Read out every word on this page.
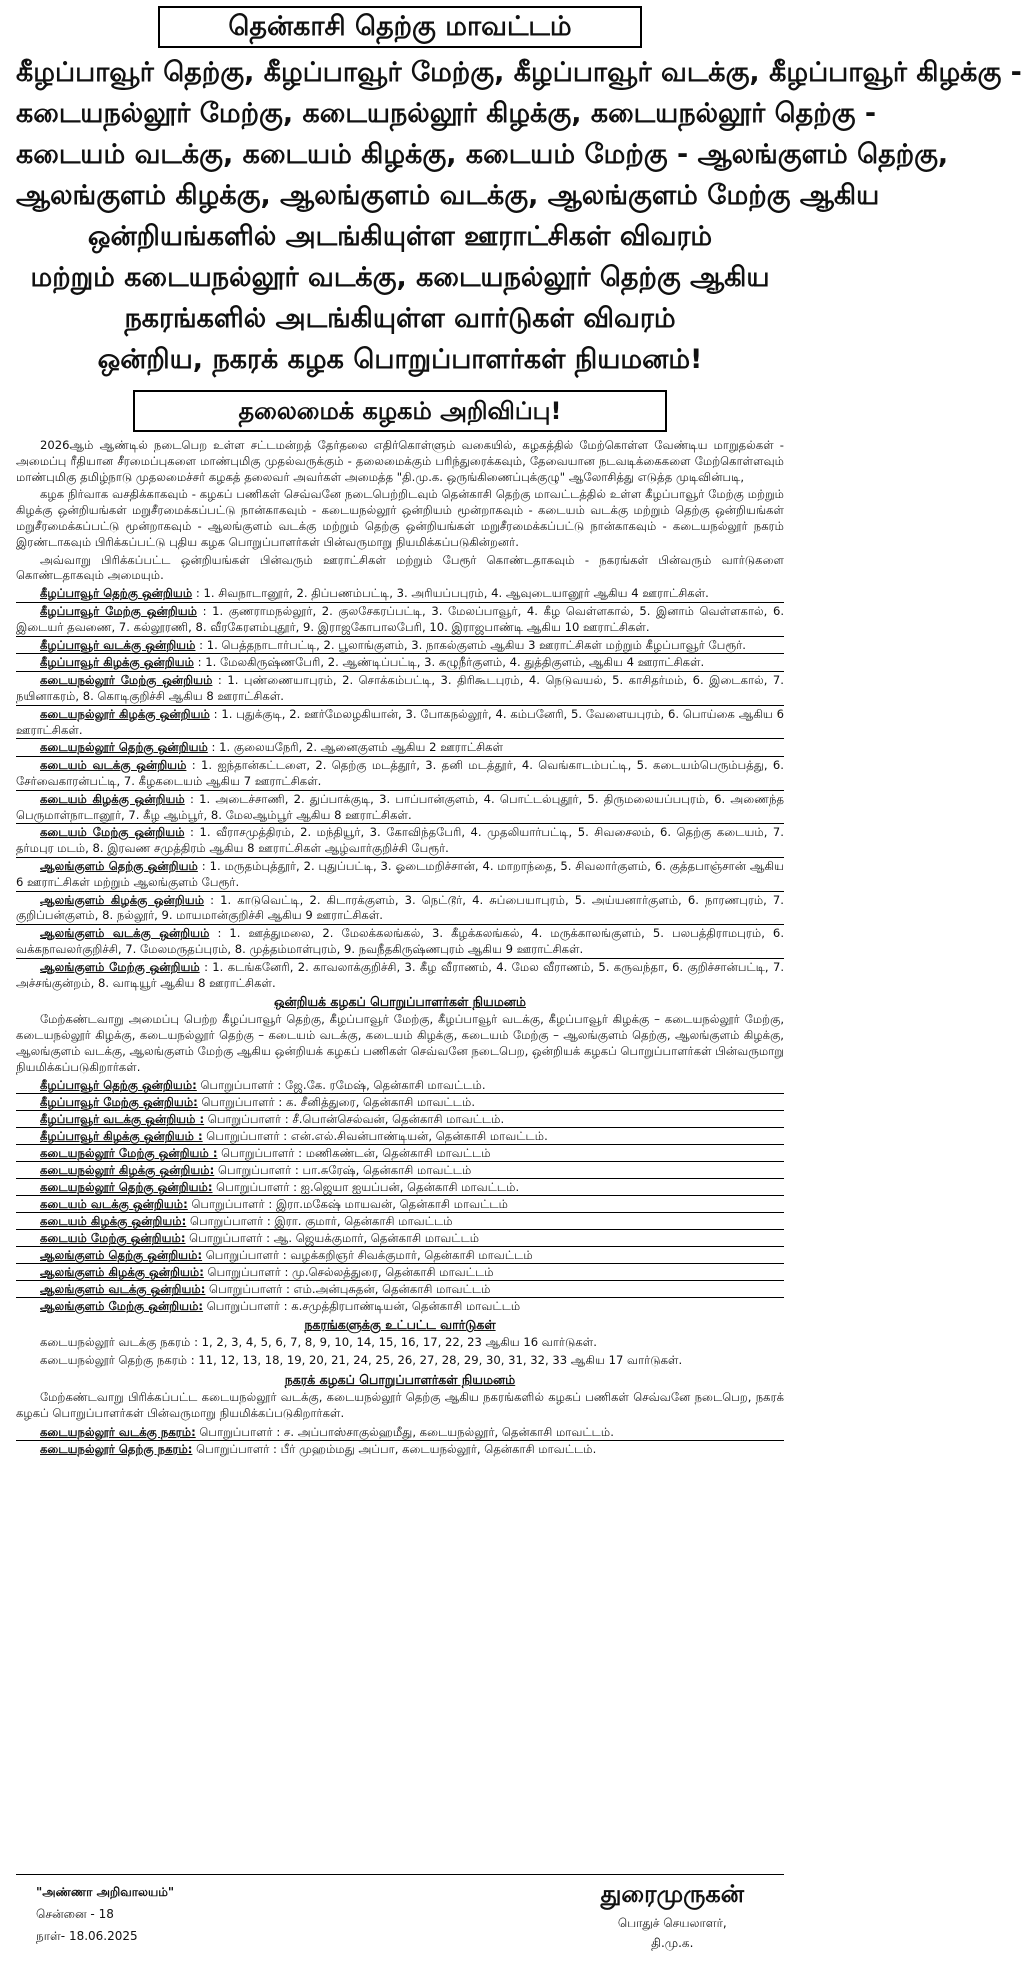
தென்காசி தெற்கு மாவட்டம்
கீழப்பாவூர் தெற்கு, கீழப்பாவூர் மேற்கு, கீழப்பாவூர் வடக்கு, கீழப்பாவூர் கிழக்கு -
கடையநல்லூர் மேற்கு, கடையநல்லூர் கிழக்கு, கடையநல்லூர் தெற்கு -
கடையம் வடக்கு, கடையம் கிழக்கு, கடையம் மேற்கு - ஆலங்குளம் தெற்கு,
ஆலங்குளம் கிழக்கு, ஆலங்குளம் வடக்கு, ஆலங்குளம் மேற்கு ஆகிய
ஒன்றியங்களில் அடங்கியுள்ள ஊராட்சிகள் விவரம்
மற்றும் கடையநல்லூர் வடக்கு, கடையநல்லூர் தெற்கு ஆகிய
நகரங்களில் அடங்கியுள்ள வார்டுகள் விவரம்
ஒன்றிய, நகரக் கழக பொறுப்பாளர்கள் நியமனம்!
தலைமைக் கழகம் அறிவிப்பு!

2026ஆம் ஆண்டில் நடைபெற உள்ள சட்டமன்றத் தேர்தலை எதிர்கொள்ளும் வகையில், கழகத்தில் மேற்கொள்ள வேண்டிய மாறுதல்கள் - அமைப்பு ரீதியான சீரமைப்புகளை மாண்புமிகு முதல்வருக்கும் - தலைமைக்கும் பரிந்துரைக்கவும், தேவையான நடவடிக்கைகளை மேற்கொள்ளவும் மாண்புமிகு தமிழ்நாடு முதலமைச்சர் கழகத் தலைவர் அவர்கள் அமைத்த "தி.மு.க. ஒருங்கிணைப்புக்குழு" ஆலோசித்து எடுத்த முடிவின்படி,

கழக நிர்வாக வசதிக்காகவும் - கழகப் பணிகள் செவ்வனே நடைபெற்றிடவும் தென்காசி தெற்கு மாவட்டத்தில் உள்ள கீழப்பாவூர் மேற்கு மற்றும் கிழக்கு ஒன்றியங்கள் மறுசீரமைக்கப்பட்டு நான்காகவும் - கடையநல்லூர் ஒன்றியம் மூன்றாகவும் - கடையம் வடக்கு மற்றும் தெற்கு ஒன்றியங்கள் மறுசீரமைக்கப்பட்டு மூன்றாகவும் - ஆலங்குளம் வடக்கு மற்றும் தெற்கு ஒன்றியங்கள் மறுசீரமைக்கப்பட்டு நான்காகவும் - கடையநல்லூர் நகரம் இரண்டாகவும் பிரிக்கப்பட்டு புதிய கழக பொறுப்பாளர்கள் பின்வருமாறு நியமிக்கப்படுகின்றனர்.

அவ்வாறு பிரிக்கப்பட்ட ஒன்றியங்கள் பின்வரும் ஊராட்சிகள் மற்றும் பேரூர் கொண்டதாகவும் - நகரங்கள் பின்வரும் வார்டுகளை கொண்டதாகவும் அமையும்.

கீழப்பாவூர் தெற்கு ஒன்றியம் : 1. சிவநாடானூர், 2. திப்பணம்பட்டி, 3. அரியப்பபுரம், 4. ஆவுடையானூர் ஆகிய 4 ஊராட்சிகள்.

கீழப்பாவூர் மேற்கு ஒன்றியம் : 1. குணராமநல்லூர், 2. குலசேகரப்பட்டி, 3. மேலப்பாவூர், 4. கீழ வெள்ளகால், 5. இனாம் வெள்ளகால், 6. இடையர் தவணை, 7. கல்லூரணி, 8. வீரகேரளம்புதூர், 9. இராஜகோபாலபேரி, 10. இராஜபாண்டி ஆகிய 10 ஊராட்சிகள்.

கீழப்பாவூர் வடக்கு ஒன்றியம் : 1. பெத்தநாடார்பட்டி, 2. பூலாங்குளம், 3. நாகல்குளம் ஆகிய 3 ஊராட்சிகள் மற்றும் கீழப்பாவூர் பேரூர்.

கீழப்பாவூர் கிழக்கு ஒன்றியம் : 1. மேலகிருஷ்ணபேரி, 2. ஆண்டிப்பட்டி, 3. கழுநீர்குளம், 4. துத்திகுளம், ஆகிய 4 ஊராட்சிகள்.

கடையநல்லூர் மேற்கு ஒன்றியம் : 1. புண்ணையாபுரம், 2. சொக்கம்பட்டி, 3. திரிகூடபுரம், 4. நெடுவயல், 5. காசிதர்மம், 6. இடைகால், 7. நயினாகரம், 8. கொடிகுறிச்சி ஆகிய 8 ஊராட்சிகள்.

கடையநல்லூர் கிழக்கு ஒன்றியம் : 1. புதுக்குடி, 2. ஊர்மேலழகியான், 3. போகநல்லூர், 4. கம்பனேரி, 5. வேளையபுரம், 6. பொய்கை ஆகிய 6 ஊராட்சிகள்.

கடையநல்லூர் தெற்கு ஒன்றியம் : 1. குலையநேரி, 2. ஆனைகுளம் ஆகிய 2 ஊராட்சிகள்

கடையம் வடக்கு ஒன்றியம் : 1. ஐந்தான்கட்டளை, 2. தெற்கு மடத்தூர், 3. தனி மடத்தூர், 4. வெங்காடம்பட்டி, 5. கடையம்பெரும்பத்து, 6. சேர்வைகாரன்பட்டி, 7. கீழகடையம் ஆகிய 7 ஊராட்சிகள்.

கடையம் கிழக்கு ஒன்றியம் : 1. அடைச்சாணி, 2. துப்பாக்குடி, 3. பாப்பான்குளம், 4. பொட்டல்புதூர், 5. திருமலையப்பபுரம், 6. அணைந்த பெருமாள்நாடானூர், 7. கீழ ஆம்பூர், 8. மேலஆம்பூர் ஆகிய 8 ஊராட்சிகள்.

கடையம் மேற்கு ஒன்றியம் : 1. வீராசமுத்திரம், 2. மந்தியூர், 3. கோவிந்தபேரி, 4. முதலியார்பட்டி, 5. சிவசைலம், 6. தெற்கு கடையம், 7. தர்மபுர மடம், 8. இரவண சமுத்திரம் ஆகிய 8 ஊராட்சிகள் ஆழ்வார்குறிச்சி பேரூர்.

ஆலங்குளம் தெற்கு ஒன்றியம் : 1. மருதம்புத்தூர், 2. புதுப்பட்டி, 3. ஓடைமறிச்சான், 4. மாறாந்தை, 5. சிவலார்குளம், 6. குத்தபாஞ்சான் ஆகிய 6 ஊராட்சிகள் மற்றும் ஆலங்குளம் பேரூர்.

ஆலங்குளம் கிழக்கு ஒன்றியம் : 1. காடுவெட்டி, 2. கிடாரக்குளம், 3. நெட்டூர், 4. சுப்பையாபுரம், 5. அய்யனார்குளம், 6. நாரணபுரம், 7. குறிப்பன்குளம், 8. நல்லூர், 9. மாயமான்குறிச்சி ஆகிய 9 ஊராட்சிகள்.

ஆலங்குளம் வடக்கு ஒன்றியம் : 1. ஊத்துமலை, 2. மேலக்கலங்கல், 3. கீழக்கலங்கல், 4. மருக்காலங்குளம், 5. பலபத்திராமபுரம், 6. வக்கநாவலர்குறிச்சி, 7. மேலமருதப்புரம், 8. முத்தம்மாள்புரம், 9. நவநீதகிருஷ்ணபுரம் ஆகிய 9 ஊராட்சிகள்.

ஆலங்குளம் மேற்கு ஒன்றியம் : 1. கடங்கனேரி, 2. காவலாக்குறிச்சி, 3. கீழ வீராணம், 4. மேல வீராணம், 5. கருவந்தா, 6. குறிச்சான்பட்டி, 7. அச்சங்குன்றம், 8. வாடியூர் ஆகிய 8 ஊராட்சிகள்.

ஒன்றியக் கழகப் பொறுப்பாளர்கள் நியமனம்

மேற்கண்டவாறு அமைப்பு பெற்ற கீழப்பாவூர் தெற்கு, கீழப்பாவூர் மேற்கு, கீழப்பாவூர் வடக்கு, கீழப்பாவூர் கிழக்கு – கடையநல்லூர் மேற்கு, கடையநல்லூர் கிழக்கு, கடையநல்லூர் தெற்கு – கடையம் வடக்கு, கடையம் கிழக்கு, கடையம் மேற்கு – ஆலங்குளம் தெற்கு, ஆலங்குளம் கிழக்கு, ஆலங்குளம் வடக்கு, ஆலங்குளம் மேற்கு ஆகிய ஒன்றியக் கழகப் பணிகள் செவ்வனே நடைபெற, ஒன்றியக் கழகப் பொறுப்பாளர்கள் பின்வருமாறு நியமிக்கப்படுகிறார்கள்.

கீழப்பாவூர் தெற்கு ஒன்றியம்: பொறுப்பாளர் : ஜே.கே. ரமேஷ், தென்காசி மாவட்டம்.

கீழப்பாவூர் மேற்கு ஒன்றியம்: பொறுப்பாளர் : க. சீனித்துரை, தென்காசி மாவட்டம்.

கீழப்பாவூர் வடக்கு ஒன்றியம் : பொறுப்பாளர் : சீ.பொன்செல்வன், தென்காசி மாவட்டம்.

கீழப்பாவூர் கிழக்கு ஒன்றியம் : பொறுப்பாளர் : என்.எல்.சிவன்பாண்டியன், தென்காசி மாவட்டம்.

கடையநல்லூர் மேற்கு ஒன்றியம் : பொறுப்பாளர் : மணிகண்டன், தென்காசி மாவட்டம்

கடையநல்லூர் கிழக்கு ஒன்றியம்: பொறுப்பாளர் : பா.சுரேஷ், தென்காசி மாவட்டம்

கடையநல்லூர் தெற்கு ஒன்றியம்: பொறுப்பாளர் : ஐ.ஜெயா ஐயப்பன், தென்காசி மாவட்டம்.

கடையம் வடக்கு ஒன்றியம்: பொறுப்பாளர் : இரா.மகேஷ் மாயவன், தென்காசி மாவட்டம்

கடையம் கிழக்கு ஒன்றியம்: பொறுப்பாளர் : இரா. குமார், தென்காசி மாவட்டம்

கடையம் மேற்கு ஒன்றியம்: பொறுப்பாளர் : ஆ. ஜெயக்குமார், தென்காசி மாவட்டம்

ஆலங்குளம் தெற்கு ஒன்றியம்: பொறுப்பாளர் : வழக்கறிஞர் சிவக்குமார், தென்காசி மாவட்டம்

ஆலங்குளம் கிழக்கு ஒன்றியம்: பொறுப்பாளர் : மு.செல்லத்துரை, தென்காசி மாவட்டம்

ஆலங்குளம் வடக்கு ஒன்றியம்: பொறுப்பாளர் : எம்.அன்புசுதன், தென்காசி மாவட்டம்

ஆலங்குளம் மேற்கு ஒன்றியம்: பொறுப்பாளர் : க.சமுத்திரபாண்டியன், தென்காசி மாவட்டம்

நகரங்களுக்கு உட்பட்ட வார்டுகள்

கடையநல்லூர் வடக்கு நகரம் : 1, 2, 3, 4, 5, 6, 7, 8, 9, 10, 14, 15, 16, 17, 22, 23 ஆகிய 16 வார்டுகள்.

கடையநல்லூர் தெற்கு நகரம் : 11, 12, 13, 18, 19, 20, 21, 24, 25, 26, 27, 28, 29, 30, 31, 32, 33 ஆகிய 17 வார்டுகள்.

நகரக் கழகப் பொறுப்பாளர்கள் நியமனம்

மேற்கண்டவாறு பிரிக்கப்பட்ட கடையநல்லூர் வடக்கு, கடையநல்லூர் தெற்கு ஆகிய நகரங்களில் கழகப் பணிகள் செவ்வனே நடைபெற, நகரக் கழகப் பொறுப்பாளர்கள் பின்வருமாறு நியமிக்கப்படுகிறார்கள்.

கடையநல்லூர் வடக்கு நகரம்: பொறுப்பாளர் : ச. அப்பாஸ்சாகுல்ஹமீது, கடையநல்லூர், தென்காசி மாவட்டம்.

கடையநல்லூர் தெற்கு நகரம்: பொறுப்பாளர் : பீர் முஹம்மது அப்பா, கடையநல்லூர், தென்காசி மாவட்டம்.

"அண்ணா அறிவாலயம்"
சென்னை - 18
நாள்- 18.06.2025
துரைமுருகன்
பொதுச் செயலாளர்,
தி.மு.க.
